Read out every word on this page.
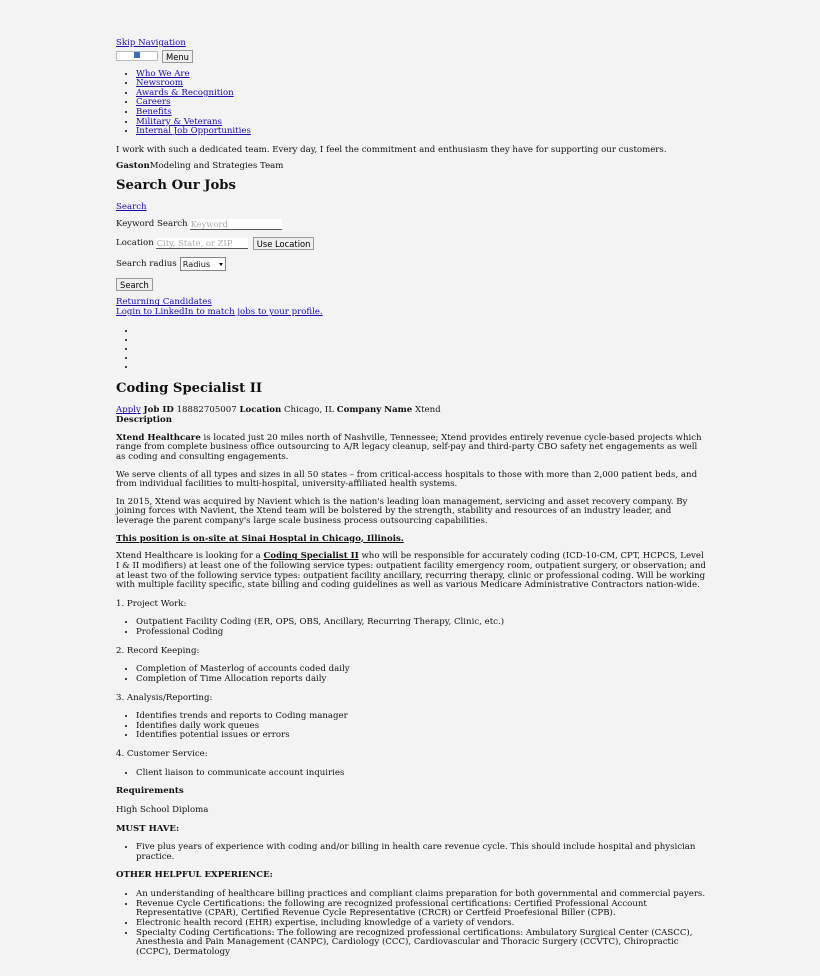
Skip Navigation
Menu
• Who We Are
• Newsroom
• Awards & Recognition
• Careers
• Benefits
• Military & Veterans
• Internal Job Opportunities

I work with such a dedicated team. Every day, I feel the commitment and enthusiasm they have for supporting our customers.

GastonModeling and Strategies Team

Search Our Jobs
Search
Keyword Search
Keyword
Location
City, State, or ZIP	Use Location
Search radius Radius
Search
Returning Candidates
Login to LinkedIn to match jobs to your profile.
•
•
•
•
•
Coding Specialist II
Apply Job ID 18882705007 Location Chicago, IL Company Name Xtend
Description

Xtend Healthcare is located just 20 miles north of Nashville, Tennessee; Xtend provides entirely revenue cycle-based projects which range from complete business office outsourcing to A/R legacy cleanup, self-pay and third-party CBO safety net engagements as well as coding and consulting engagements.

We serve clients of all types and sizes in all 50 states – from critical-access hospitals to those with more than 2,000 patient beds, and from individual facilities to multi-hospital, university-affiliated health systems.

In 2015, Xtend was acquired by Navient which is the nation's leading loan management, servicing and asset recovery company. By joining forces with Navient, the Xtend team will be bolstered by the strength, stability and resources of an industry leader, and leverage the parent company's large scale business process outsourcing capabilities.

This position is on-site at Sinai Hosptal in Chicago, Illinois.

Xtend Healthcare is looking for a Coding Specialist II who will be responsible for accurately coding (ICD-10-CM, CPT, HCPCS, Level I & II modifiers) at least one of the following service types: outpatient facility emergency room, outpatient surgery, or observation; and at least two of the following service types: outpatient facility ancillary, recurring therapy, clinic or professional coding. Will be working with multiple facility specific, state billing and coding guidelines as well as various Medicare Administrative Contractors nation-wide.

1. Project Work:

• Outpatient Facility Coding (ER, OPS, OBS, Ancillary, Recurring Therapy, Clinic, etc.)
• Professional Coding

2. Record Keeping:

• Completion of Masterlog of accounts coded daily
• Completion of Time Allocation reports daily

3. Analysis/Reporting:

• Identifies trends and reports to Coding manager
• Identifies daily work queues
• Identifies potential issues or errors

4. Customer Service:

• Client liaison to communicate account inquiries

Requirements

High School Diploma

MUST HAVE:

• Five plus years of experience with coding and/or billing in health care revenue cycle. This should include hospital and physician practice.

OTHER HELPFUL EXPERIENCE:

• An understanding of healthcare billing practices and compliant claims preparation for both governmental and commercial payers.
• Revenue Cycle Certifications: the following are recognized professional certifications: Certified Professional Account Representative (CPAR), Certified Revenue Cycle Representative (CRCR) or Certfeid Proefesional Biller (CPB).
• Electronic health record (EHR) expertise, including knowledge of a variety of vendors.
• Specialty Coding Certifications: The following are recognized professional certifications: Ambulatory Surgical Center (CASCC), Anesthesia and Pain Management (CANPC), Cardiology (CCC), Cardiovascular and Thoracic Surgery (CCVTC), Chiropractic (CCPC), Dermatology
